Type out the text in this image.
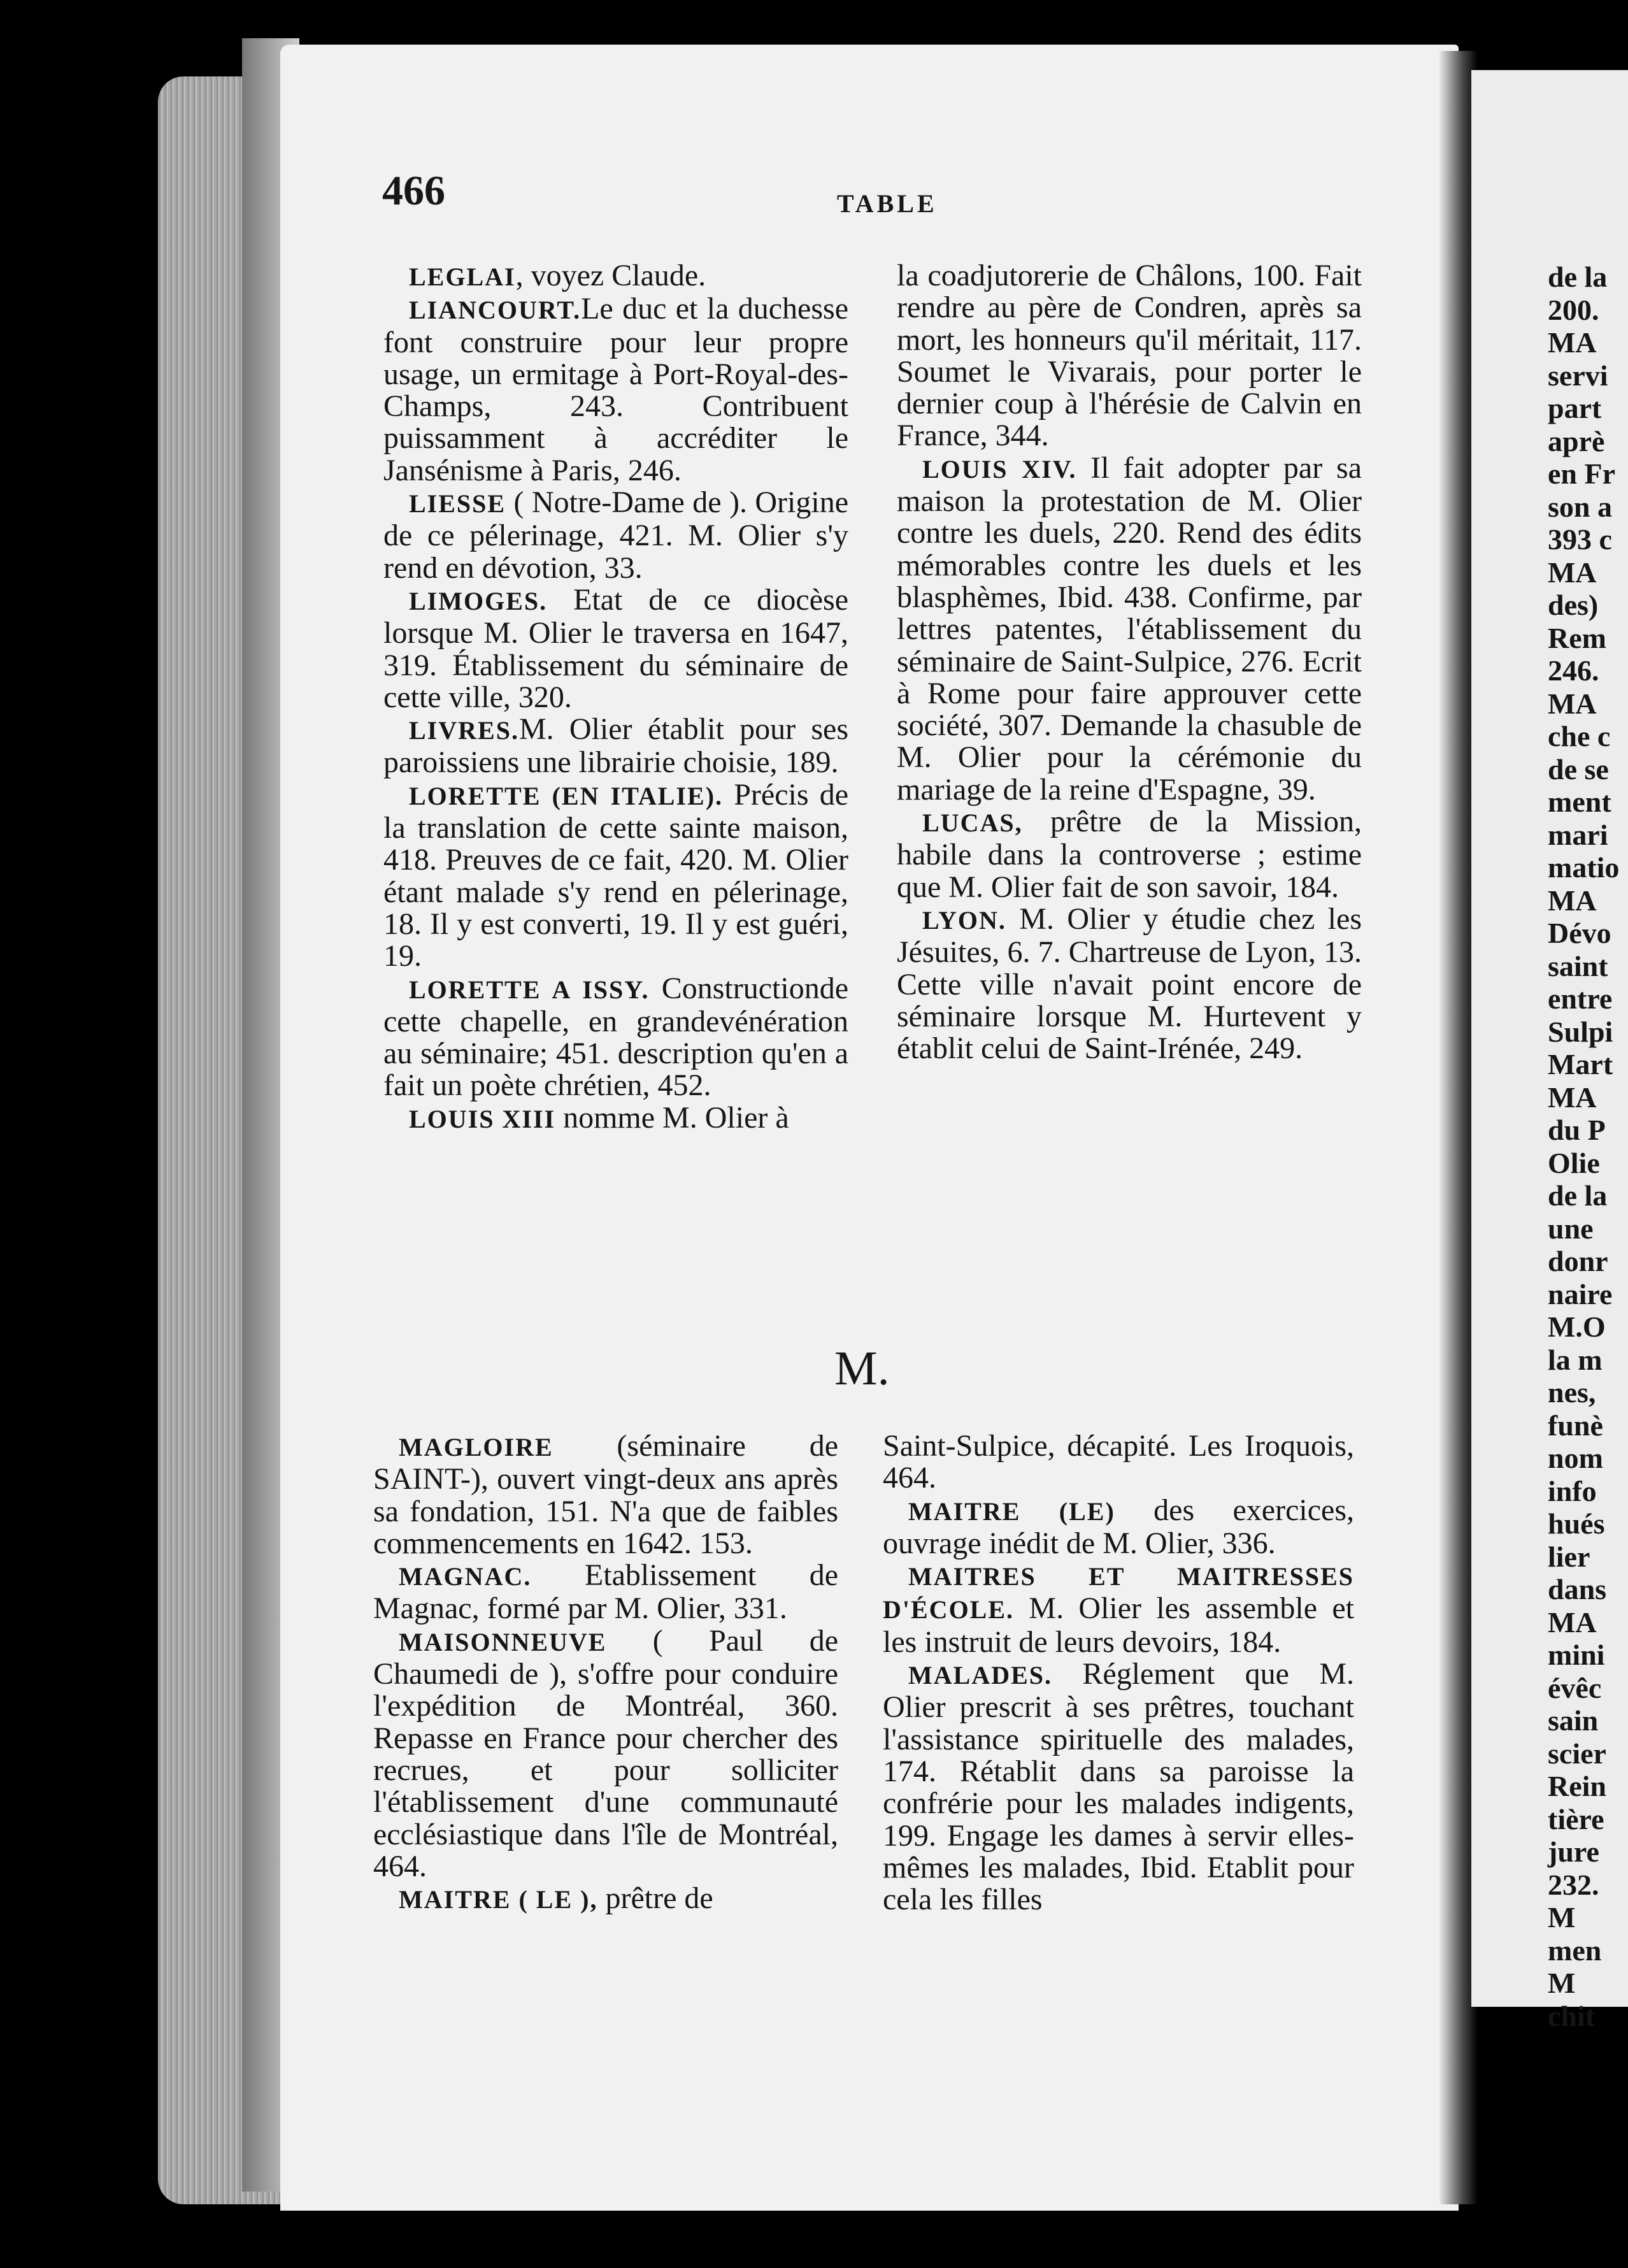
466	TABLE

LEGLAI, voyez Claude.

LIANCOURT.Le duc et la duchesse font construire pour leur propre usage, un ermitage à Port-Royal-des-Champs, 243. Contribuent puissamment à accréditer le Jansénisme à Paris, 246.

LIESSE ( Notre-Dame de ). Origine de ce pélerinage, 421. M. Olier s'y rend en dévotion, 33.

LIMOGES. Etat de ce diocèse lorsque M. Olier le traversa en 1647, 319. Établissement du séminaire de cette ville, 320.

LIVRES.M. Olier établit pour ses paroissiens une librairie choisie, 189.

LORETTE (EN ITALIE). Précis de la translation de cette sainte maison, 418. Preuves de ce fait, 420. M. Olier étant malade s'y rend en pélerinage, 18. Il y est converti, 19. Il y est guéri, 19.

LORETTE A ISSY. Constructionde cette chapelle, en grandevénération au séminaire; 451. description qu'en a fait un poète chrétien, 452.

LOUIS XIII nomme M. Olier à

la coadjutorerie de Châlons, 100. Fait rendre au père de Condren, après sa mort, les honneurs qu'il méritait, 117. Soumet le Vivarais, pour porter le dernier coup à l'hérésie de Calvin en France, 344.

LOUIS XIV. Il fait adopter par sa maison la protestation de M. Olier contre les duels, 220. Rend des édits mémorables contre les duels et les blasphèmes, Ibid. 438. Confirme, par lettres patentes, l'établissement du séminaire de Saint-Sulpice, 276. Ecrit à Rome pour faire approuver cette société, 307. Demande la chasuble de M. Olier pour la cérémonie du mariage de la reine d'Espagne, 39.

LUCAS, prêtre de la Mission, habile dans la controverse ; estime que M. Olier fait de son savoir, 184.

LYON. M. Olier y étudie chez les Jésuites, 6. 7. Chartreuse de Lyon, 13. Cette ville n'avait point encore de séminaire lorsque M. Hurtevent y établit celui de Saint-Irénée, 249.

M.

MAGLOIRE (séminaire de SAINT-), ouvert vingt-deux ans après sa fondation, 151. N'a que de faibles commencements en 1642. 153.

MAGNAC. Etablissement de Magnac, formé par M. Olier, 331.

MAISONNEUVE ( Paul de Chaumedi de ), s'offre pour conduire l'expédition de Montréal, 360. Repasse en France pour chercher des recrues, et pour solliciter l'établissement d'une communauté ecclésiastique dans l'île de Montréal, 464.

MAITRE ( LE ), prêtre de

Saint-Sulpice, décapité. Les Iroquois, 464.

MAITRE (LE) des exercices, ouvrage inédit de M. Olier, 336.

MAITRES ET MAITRESSES D'ÉCOLE. M. Olier les assemble et les instruit de leurs devoirs, 184.

MALADES. Réglement que M. Olier prescrit à ses prêtres, touchant l'assistance spirituelle des malades, 174. Rétablit dans sa paroisse la confrérie pour les malades indigents, 199. Engage les dames à servir elles-mêmes les malades, Ibid. Etablit pour cela les filles

de la
200.
MA
servi
part
aprè
en Fr
son a
393 c
MA
des)
Rem
246.
MA
che c
de se
ment
mari
matio
MA
Dévo
saint
entre
Sulpi
Mart
MA
du P
Olie
de la
une
donr
naire
M.O
la m
nes,
funè
nom
info
hués
lier
dans
MA
mini
évêc
sain
scier
Rein
tière
jure
232.
M
men
M
chit
